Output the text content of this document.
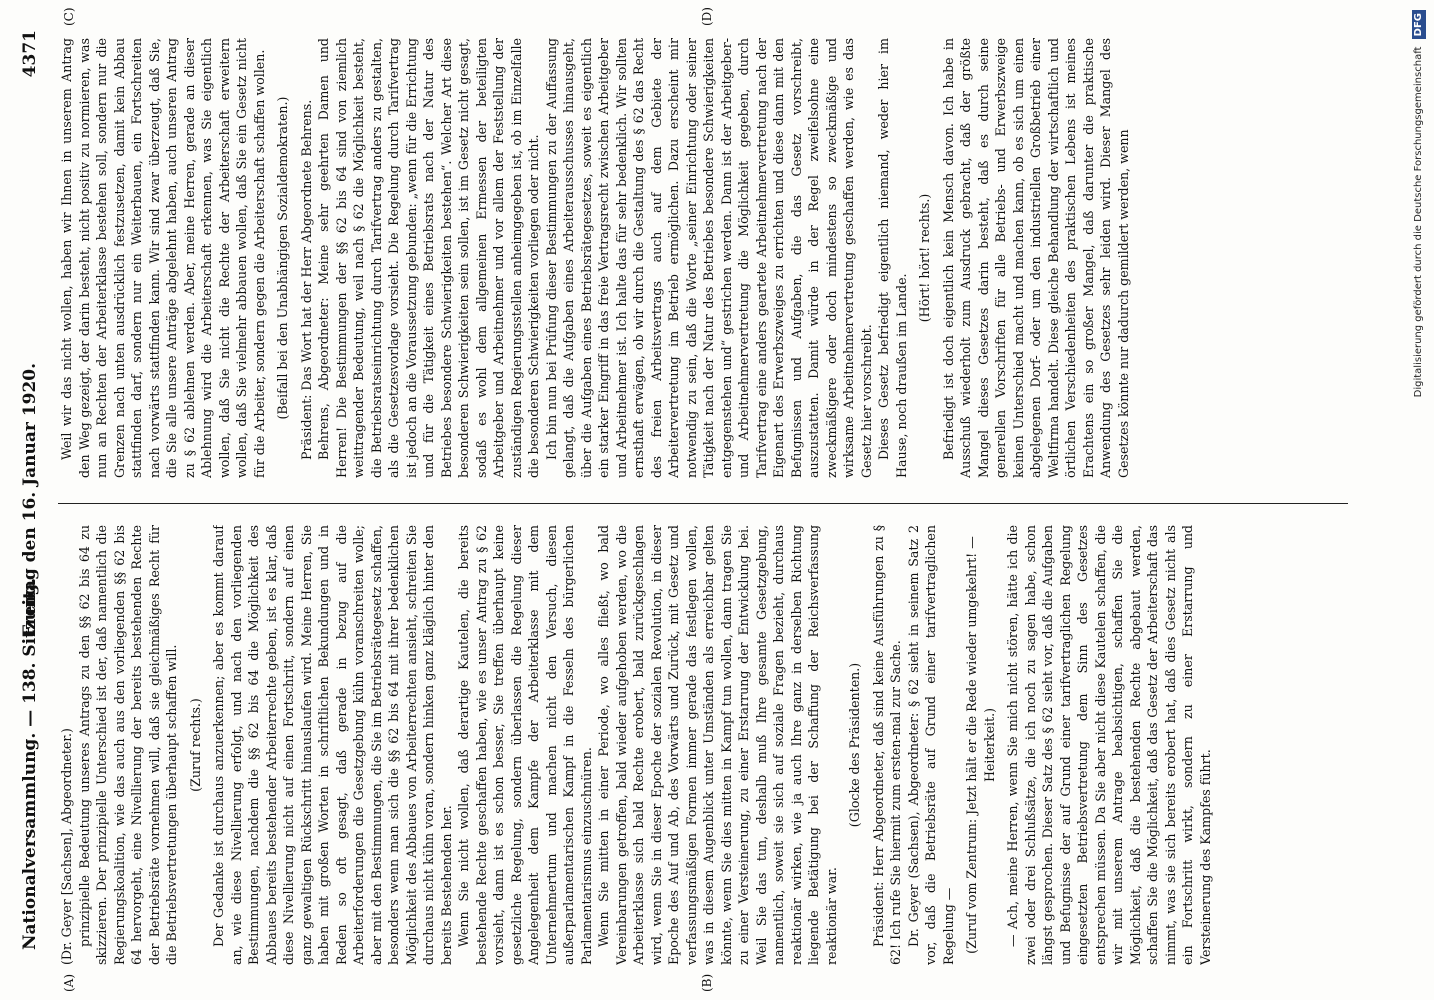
Nationalversammlung. — 138. Sitzung.
Freitag den 16. Januar 1920.
4371
(A)	(B)
(C)	(D)

(Dr. Geyer [Sachsen], Abgeordneter.) prinzipielle Bedeutung unseres Antrags zu den §§ 62 bis 64 zu skizzieren. Der prinzipielle Unterschied ist der, daß namentlich die Regierungskoalition, wie das auch aus den vorliegenden §§ 62 bis 64 hervorgeht, eine Nivellierung der bereits bestehenden Rechte der Betriebsräte vornehmen will, daß sie gleichmäßiges Recht für die Betriebsvertretungen überhaupt schaffen will. (Zuruf rechts.) Der Gedanke ist durchaus anzuerkennen; aber es kommt darauf an, wie diese Nivellierung erfolgt, und nach den vorliegenden Bestimmungen, nachdem die §§ 62 bis 64 die Möglichkeit des Abbaues bereits bestehender Arbeiterrechte geben, ist es klar, daß diese Nivellierung nicht auf einen Fortschritt, sondern auf einen ganz gewaltigen Rückschritt hinauslaufen wird. Meine Herren, Sie haben mit großen Worten in schriftlichen Bekundungen und in Reden so oft gesagt, daß gerade in bezug auf die Arbeiterforderungen die Gesetzgebung kühn voranschreiten wolle; aber mit den Bestimmungen, die Sie im Betriebsrätegesetz schaffen, besonders wenn man sich die §§ 62 bis 64 mit ihrer bedenklichen Möglichkeit des Abbaues von Arbeiterrechten ansieht, schreiten Sie durchaus nicht kühn voran, sondern hinken ganz kläglich hinter den bereits Bestehenden her. Wenn Sie nicht wollen, daß derartige Kautelen, die bereits bestehende Rechte geschaffen haben, wie es unser Antrag zu § 62 vorsieht, dann ist es schon besser, Sie treffen überhaupt keine gesetzliche Regelung, sondern überlassen die Regelung dieser Angelegenheit dem Kampfe der Arbeiterklasse mit dem Unternehmertum und machen nicht den Versuch, diesen außerparlamentarischen Kampf in die Fesseln des bürgerlichen Parlamentarismus einzuschnüren. Wenn Sie mitten in einer Periode, wo alles fließt, wo bald Vereinbarungen getroffen, bald wieder aufgehoben werden, wo die Arbeiterklasse sich bald Rechte erobert, bald zurückgeschlagen wird, wenn Sie in dieser Epoche der sozialen Revolution, in dieser Epoche des Auf und Ab, des Vorwärts und Zurück, mit Gesetz und verfassungsmäßigen Formen immer gerade das festlegen wollen, was in diesem Augenblick unter Umständen als erreichbar gelten könnte, wenn Sie dies mitten in Kampf tun wollen, dann tragen Sie zu einer Versteinerung, zu einer Erstarrung der Entwicklung bei. Weil Sie das tun, deshalb muß Ihre gesamte Gesetzgebung, namentlich, soweit sie sich auf soziale Fragen bezieht, durchaus reaktionär wirken, wie ja auch Ihre ganz in derselben Richtung liegende Betätigung bei der Schaffung der Reichsverfassung reaktionär war.

(Glocke des Präsidenten.) Präsident: Herr Abgeordneter, daß sind keine Ausführungen zu § 62! Ich rufe Sie hiermit zum ersten-mal zur Sache. Dr. Geyer (Sachsen), Abgeordneter: § 62 sieht in seinem Satz 2 vor, daß die Betriebsräte auf Grund einer tarifvertraglichen Regelung — (Zuruf vom Zentrum: Jetzt hält er die Rede wieder umgekehrt! — Heiterkeit.) — Ach, meine Herren, wenn Sie mich nicht stören, hätte ich die zwei oder drei Schlußsätze, die ich noch zu sagen habe, schon längst gesprochen. Dieser Satz des § 62 sieht vor, daß die Aufgaben und Befugnisse der auf Grund einer tarifvertraglichen Regelung eingesetzten Betriebsvertretung dem Sinn des Gesetzes entsprechen müssen. Da Sie aber nicht diese Kautelen schaffen, die wir mit unserem Antrage beabsichtigen, schaffen Sie die Möglichkeit, daß die bestehenden Rechte abgebaut werden, schaffen Sie die Möglichkeit, daß das Gesetz der Arbeiterschaft das nimmt, was sie sich bereits erobert hat, daß dies Gesetz nicht als ein Fortschritt wirkt, sondern zu einer Erstarrung und Versteinerung des Kampfes führt.

Weil wir das nicht wollen, haben wir Ihnen in unserem Antrag den Weg gezeigt, der darin besteht, nicht positiv zu normieren, was nun an Rechten der Arbeiterklasse bestehen soll, sondern nur die Grenzen nach unten ausdrücklich festzusetzen, damit kein Abbau stattfinden darf, sondern nur ein Weiterbauen, ein Fortschreiten nach vorwärts stattfinden kann. Wir sind zwar überzeugt, daß Sie, die Sie alle unsere Anträge abgelehnt haben, auch unseren Antrag zu § 62 ablehnen werden. Aber, meine Herren, gerade an dieser Ablehnung wird die Arbeiterschaft erkennen, was Sie eigentlich wollen, daß Sie nicht die Rechte der Arbeiterschaft erweitern wollen, daß Sie vielmehr abbauen wollen, daß Sie ein Gesetz nicht für die Arbeiter, sondern gegen die Arbeiterschaft schaffen wollen. (Beifall bei den Unabhängigen Sozialdemokraten.) Präsident: Das Wort hat der Herr Abgeordnete Behrens. Behrens, Abgeordneter: Meine sehr geehrten Damen und Herren! Die Bestimmungen der §§ 62 bis 64 sind von ziemlich weittragender Bedeutung, weil nach § 62 die Möglichkeit besteht, die Betriebsratseinrichtung durch Tarifvertrag anders zu gestalten, als die Gesetzesvorlage vorsieht. Die Regelung durch Tarifvertrag ist jedoch an die Voraussetzung gebunden: „wenn für die Errichtung und für die Tätigkeit eines Betriebsrats nach der Natur des Betriebes besondere Schwierigkeiten bestehen“. Welcher Art diese besonderen Schwierigkeiten sein sollen, ist im Gesetz nicht gesagt, sodaß es wohl dem allgemeinen Ermessen der beteiligten Arbeitgeber und Arbeitnehmer und vor allem der Feststellung der zuständigen Regierungsstellen anheimgegeben ist, ob im Einzelfalle die besonderen Schwierigkeiten vorliegen oder nicht. Ich bin nun bei Prüfung dieser Bestimmungen zu der Auffassung gelangt, daß die Aufgaben eines Arbeiterausschusses hinausgeht, über die Aufgaben eines Betriebsrätegesetzes, soweit es eigentlich ein starker Eingriff in das freie Vertragsrecht zwischen Arbeitgeber und Arbeitnehmer ist. Ich halte das für sehr bedenklich. Wir sollten ernsthaft erwägen, ob wir durch die Gestaltung des § 62 das Recht des freien Arbeitsvertrags auch auf dem Gebiete der Arbeitervertretung im Betrieb ermöglichen. Dazu erscheint mir notwendig zu sein, daß die Worte „seiner Einrichtung oder seiner Tätigkeit nach der Natur des Betriebes besondere Schwierigkeiten entgegenstehen und“ gestrichen werden. Dann ist der Arbeitgeber- und Arbeitnehmervertretung die Möglichkeit gegeben, durch Tarifvertrag eine anders geartete Arbeitnehmervertretung nach der Eigenart des Erwerbszweiges zu errichten und diese dann mit den Befugnissen und Aufgaben, die das Gesetz vorschreibt, auszustatten. Damit würde in der Regel zweifelsohne eine zweckmäßigere oder doch mindestens so zweckmäßige und wirksame Arbeitnehmervertretung geschaffen werden, wie es das Gesetz hier vorschreibt. Dieses Gesetz befriedigt eigentlich niemand, weder hier im Hause, noch draußen im Lande.

(Hört! hört! rechts.) Befriedigt ist doch eigentlich kein Mensch davon. Ich habe in Ausschuß wiederholt zum Ausdruck gebracht, daß der größte Mangel dieses Gesetzes darin besteht, daß es durch seine generellen Vorschriften für alle Betriebs- und Erwerbszweige keinen Unterschied macht und machen kann, ob es sich um einen abgelegenen Dorf- oder um den industriellen Großbetrieb einer Weltfirma handelt. Diese gleiche Behandlung der wirtschaftlich und örtlichen Verschiedenheiten des praktischen Lebens ist meines Erachtens ein so großer Mangel, daß darunter die praktische Anwendung des Gesetzes sehr leiden wird. Dieser Mangel des Gesetzes könnte nur dadurch gemildert werden, wenn	Digitalisierung gefördert durch die Deutsche Forschungsgemeinschaft DFG
